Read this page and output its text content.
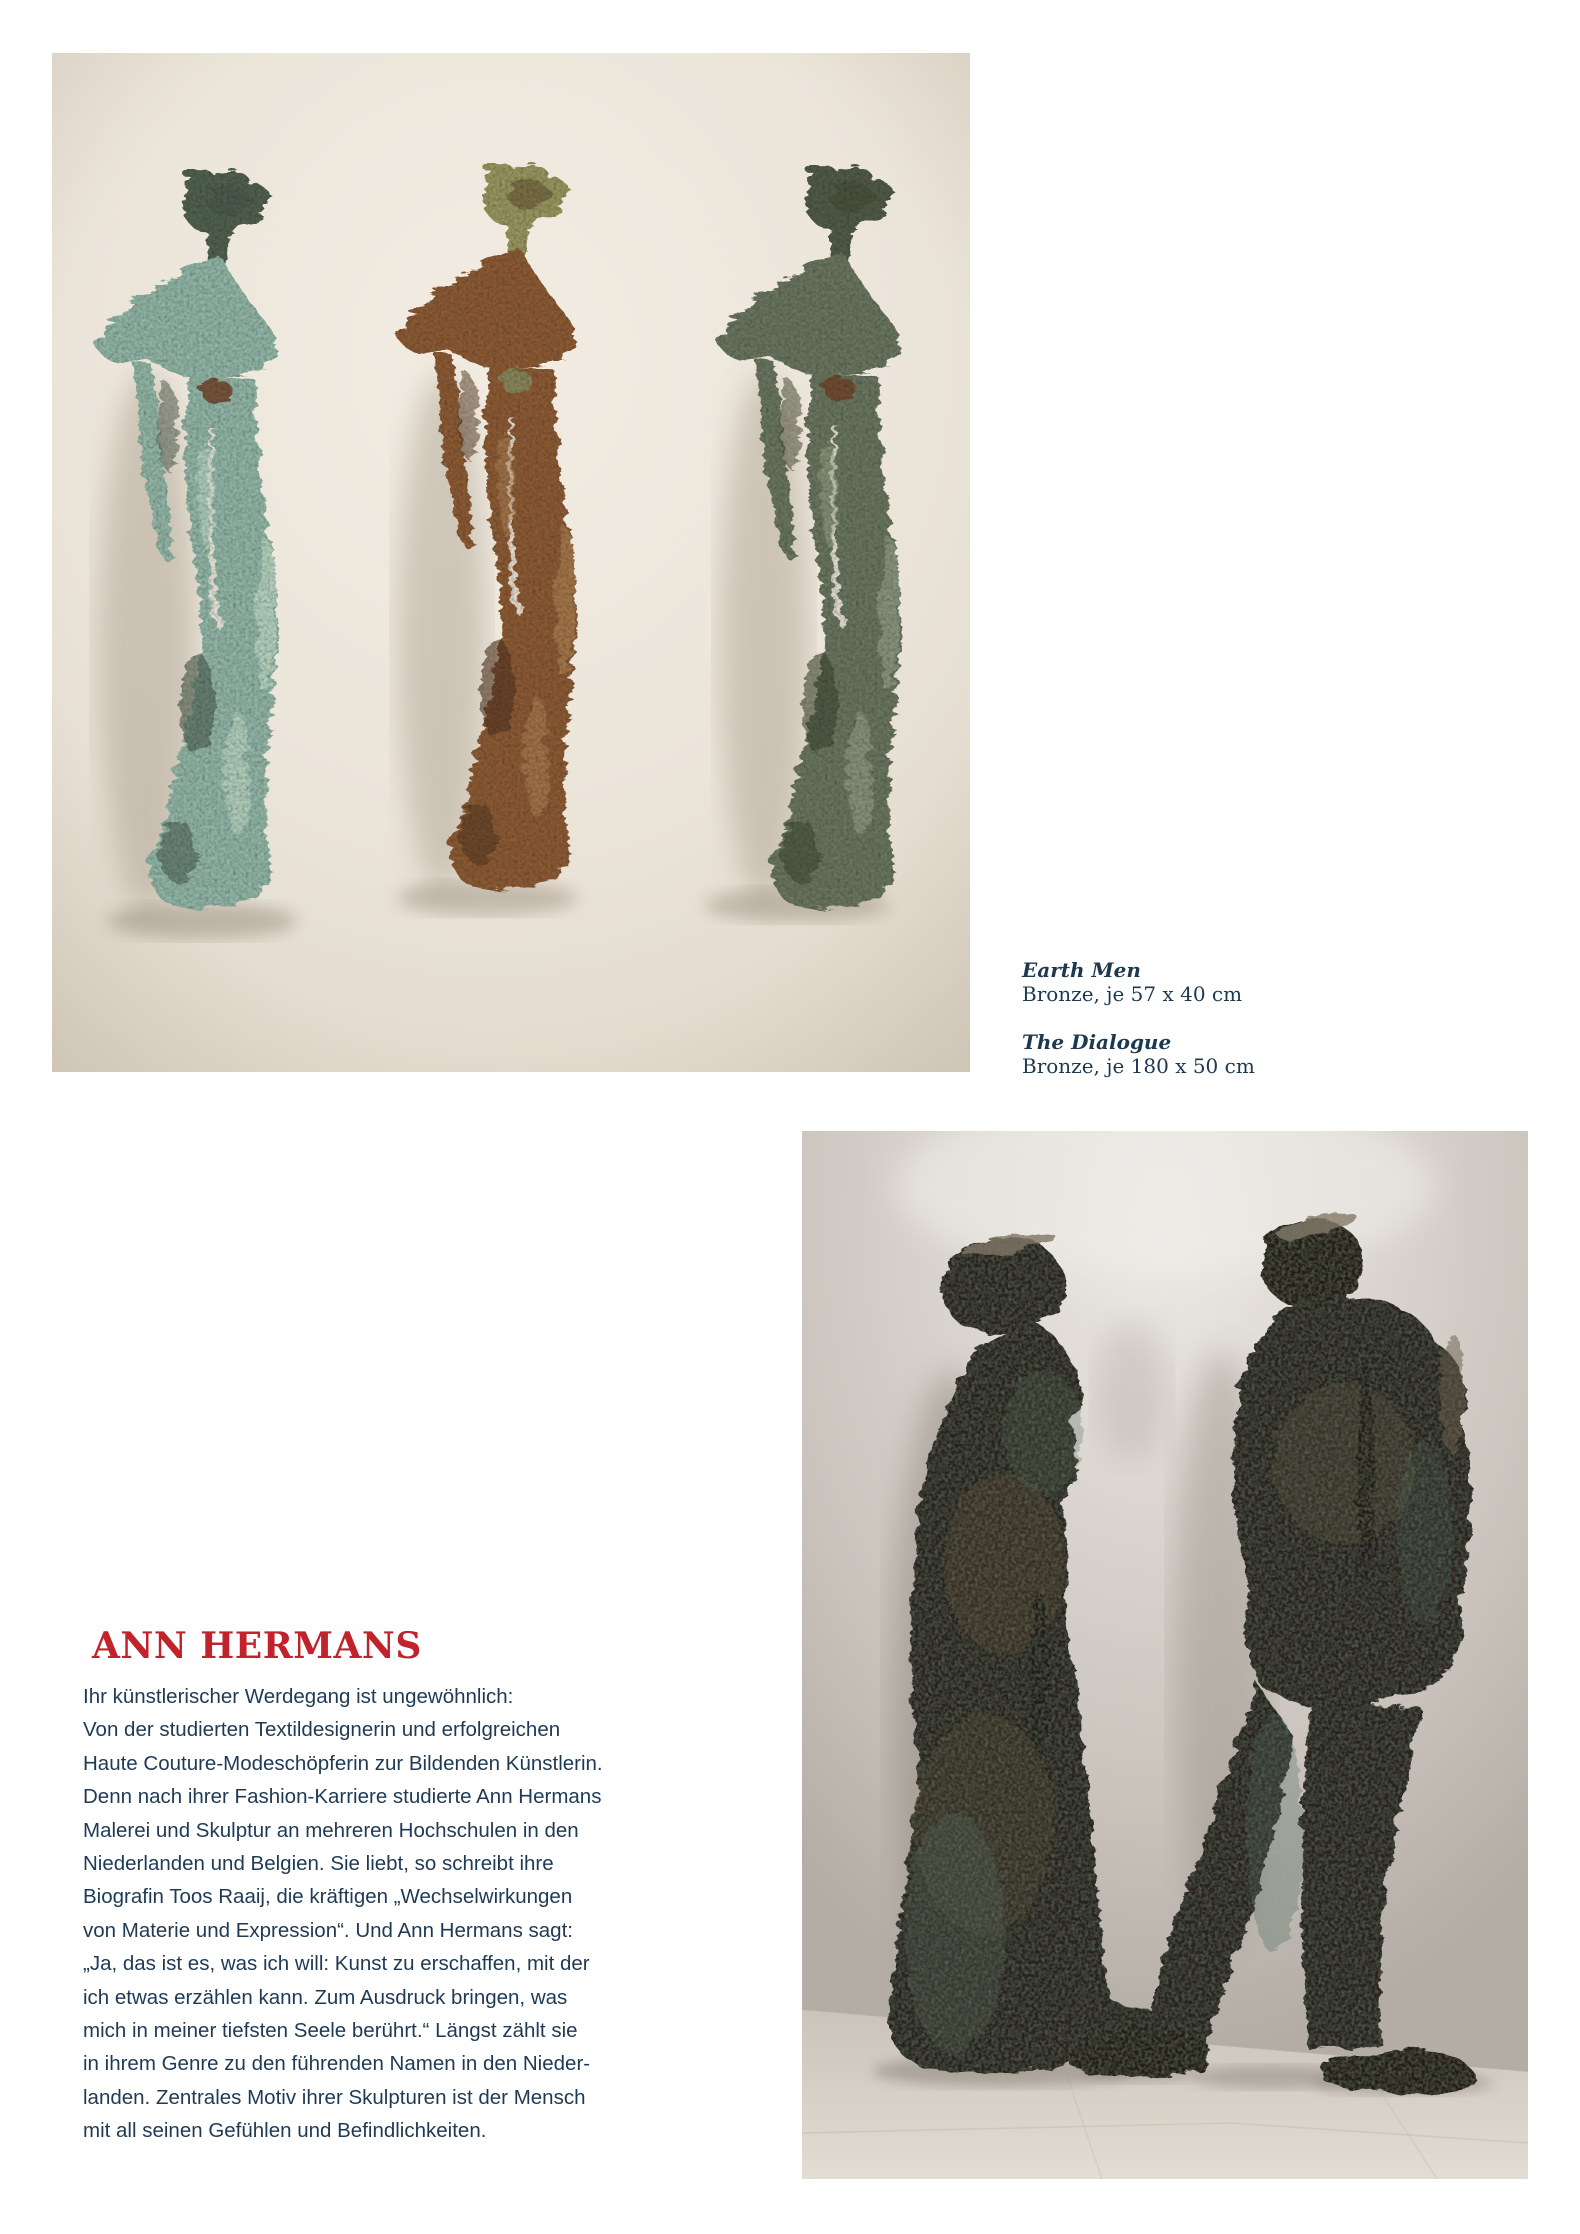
Earth Men
Bronze, je 57 x 40 cm
The Dialogue
Bronze, je 180 x 50 cm
ANN HERMANS
Ihr künstlerischer Werdegang ist ungewöhnlich:
Von der studierten Textildesignerin und erfolgreichen
Haute Couture-Modeschöpferin zur Bildenden Künstlerin.
Denn nach ihrer Fashion-Karriere studierte Ann Hermans
Malerei und Skulptur an mehreren Hochschulen in den
Niederlanden und Belgien. Sie liebt, so schreibt ihre
Biografin Toos Raaij, die kräftigen „Wechselwirkungen
von Materie und Expression“. Und Ann Hermans sagt:
„Ja, das ist es, was ich will: Kunst zu erschaffen, mit der
ich etwas erzählen kann. Zum Ausdruck bringen, was
mich in meiner tiefsten Seele berührt.“ Längst zählt sie
in ihrem Genre zu den führenden Namen in den Nieder-
landen. Zentrales Motiv ihrer Skulpturen ist der Mensch
mit all seinen Gefühlen und Befindlichkeiten.
